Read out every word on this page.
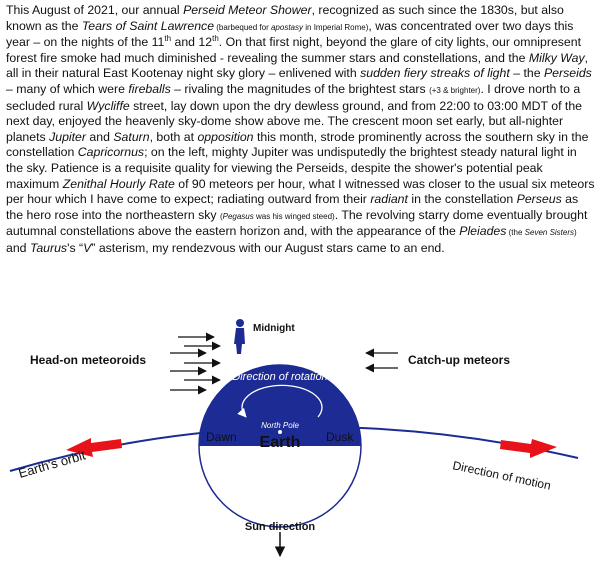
This August of 2021, our annual Perseid Meteor Shower, recognized as such since the 1830s, but also known as the Tears of Saint Lawrence (barbequed for apostasy in Imperial Rome), was concentrated over two days this year – on the nights of the 11th and 12th. On that first night, beyond the glare of city lights, our omnipresent forest fire smoke had much diminished - revealing the summer stars and constellations, and the Milky Way, all in their natural East Kootenay night sky glory – enlivened with sudden fiery streaks of light – the Perseids – many of which were fireballs – rivaling the magnitudes of the brightest stars (+3 & brighter). I drove north to a secluded rural Wycliffe street, lay down upon the dry dewless ground, and from 22:00 to 03:00 MDT of the next day, enjoyed the heavenly sky-dome show above me. The crescent moon set early, but all-nighter planets Jupiter and Saturn, both at opposition this month, strode prominently across the southern sky in the constellation Capricornus; on the left, mighty Jupiter was undisputedly the brightest steady natural light in the sky. Patience is a requisite quality for viewing the Perseids, despite the shower's potential peak maximum Zenithal Hourly Rate of 90 meteors per hour, what I witnessed was closer to the usual six meteors per hour which I have come to expect; radiating outward from their radiant in the constellation Perseus as the hero rose into the northeastern sky (Pegasus was his winged steed). The revolving starry dome eventually brought autumnal constellations above the eastern horizon and, with the appearance of the Pleiades (the Seven Sisters) and Taurus's “V” asterism, my rendezvous with our August stars came to an end.

Head-on meteoroids
Midnight
Catch-up meteors
Direction of rotation
North Pole
Earth's orbit
Dawn Earth Dusk
Direction of motion
Sun direction
